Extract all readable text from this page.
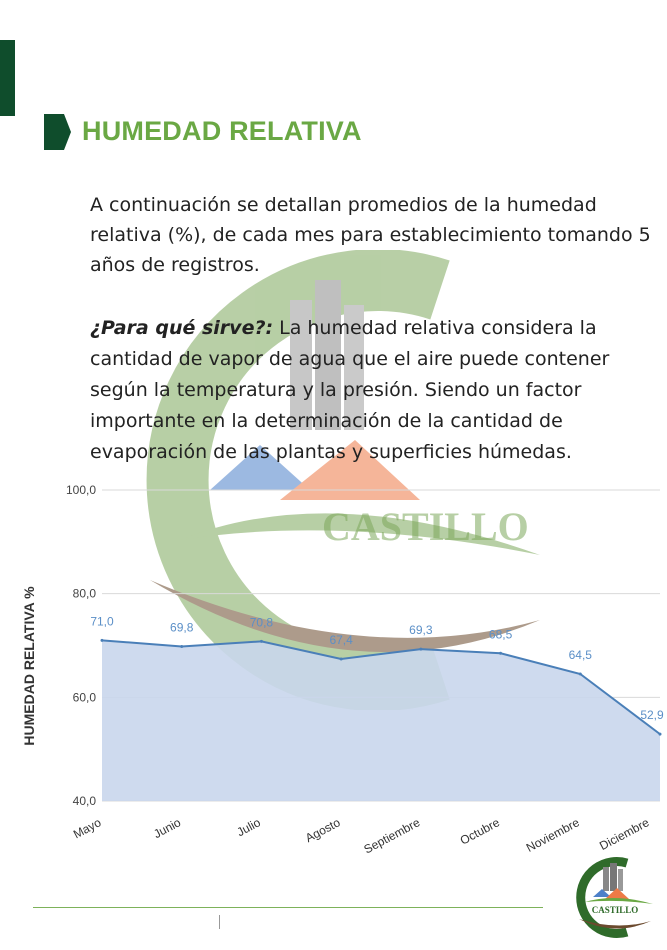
HUMEDAD RELATIVA
CASTILLO

A continuación se detallan promedios de la humedad relativa (%), de cada mes para establecimiento tomando 5 años de registros.

¿Para qué sirve?: La humedad relativa considera la cantidad de vapor de agua que el aire puede contener según la temperatura y la presión. Siendo un factor importante en la determinación de la cantidad de evaporación de las plantas y superficies húmedas.

40,0
60,0
80,0
100,0
Mayo	Junio	Julio	Agosto Septiembre	Octubre Noviembre Diciembre
71,0	69,8	70,8
67,4
69,3	68,5
64,5
52,9
HUMEDAD RELATIVA %
CASTILLO
